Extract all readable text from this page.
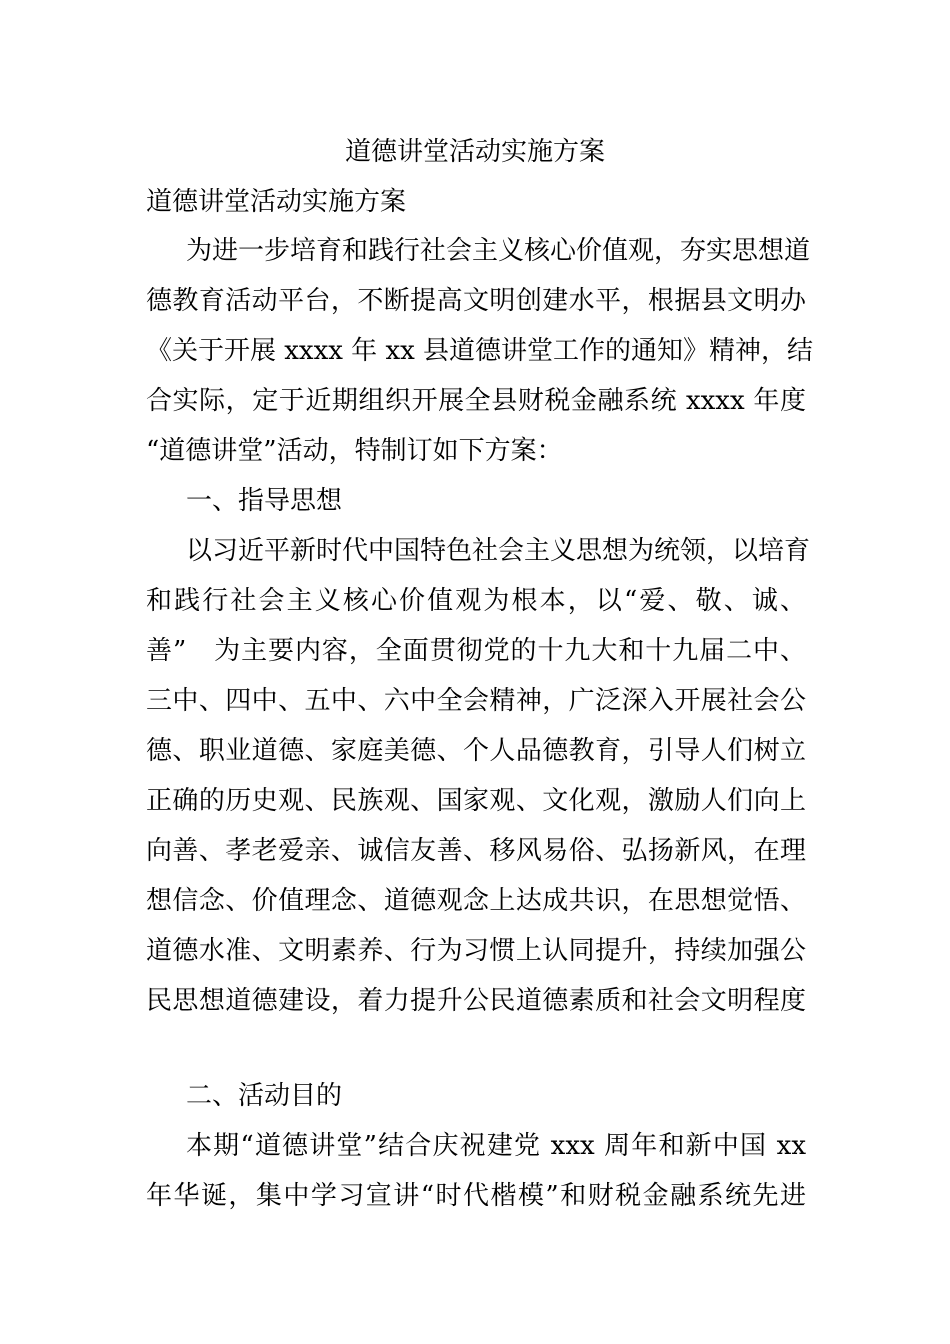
道德讲堂活动实施方案
道德讲堂活动实施方案
为进一步培育和践行社会主义核心价值观，夯实思想道
德教育活动平台，不断提高文明创建水平，根据县文明办
《关于开展 xxxx 年 xx 县道德讲堂工作的通知》精神，结
合实际，定于近期组织开展全县财税金融系统 xxxx 年度
“道德讲堂”活动，特制订如下方案：
一、指导思想
以习近平新时代中国特色社会主义思想为统领，以培育
和践行社会主义核心价值观为根本，以“爱、敬、诚、
善”　为主要内容，全面贯彻党的十九大和十九届二中、
三中、四中、五中、六中全会精神，广泛深入开展社会公
德、职业道德、家庭美德、个人品德教育，引导人们树立
正确的历史观、民族观、国家观、文化观，激励人们向上
向善、孝老爱亲、诚信友善、移风易俗、弘扬新风，在理
想信念、价值理念、道德观念上达成共识，在思想觉悟、
道德水准、文明素养、行为习惯上认同提升，持续加强公
民思想道德建设，着力提升公民道德素质和社会文明程度
二、活动目的
本期“道德讲堂”结合庆祝建党 xxx 周年和新中国 xx
年华诞，集中学习宣讲“时代楷模”和财税金融系统先进
